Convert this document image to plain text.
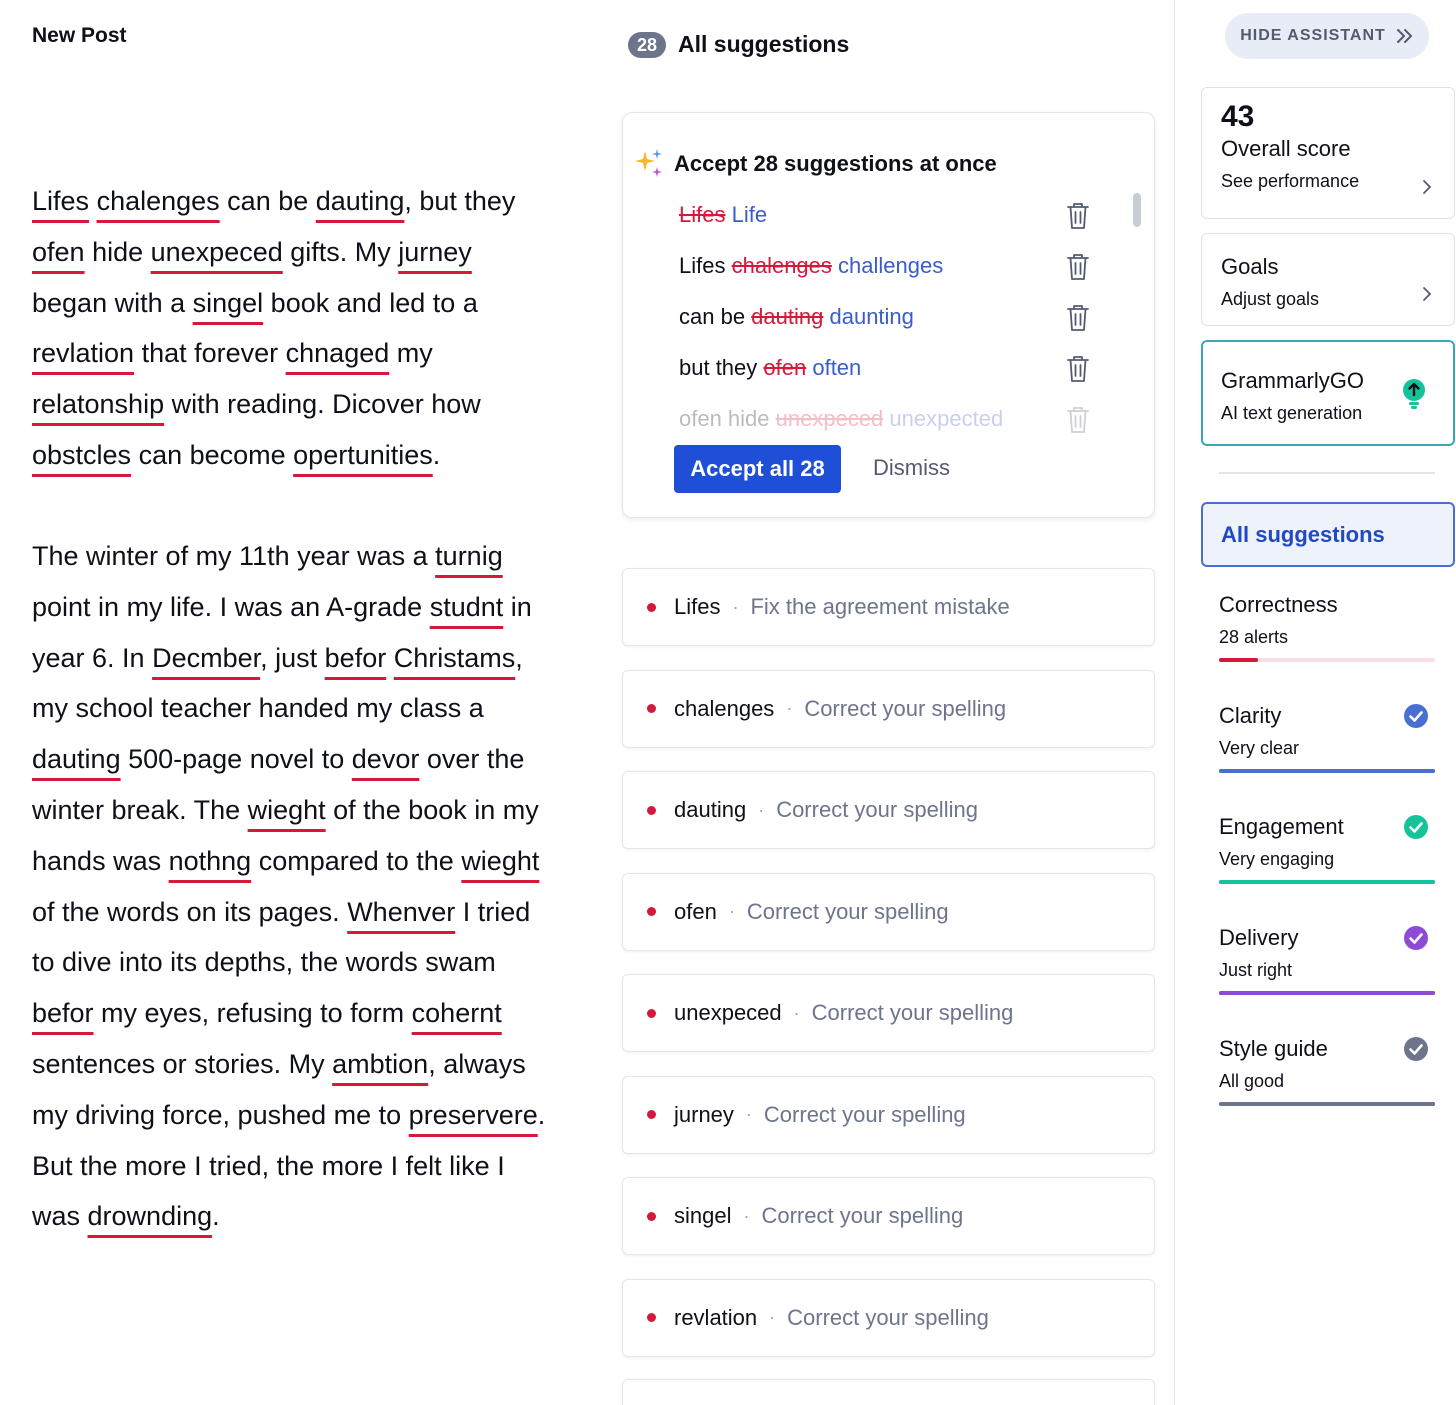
New Post
Lifes chalenges can be dauting, but they ofen hide unexpeced gifts. My jurney began with a singel book and led to a revlation that forever chnaged my relatonship with reading. Dicover how obstcles can become opertunities.
The winter of my 11th year was a turnig point in my life. I was an A-grade studnt in year 6. In Decmber, just befor Christams, my school teacher handed my class a dauting 500-page novel to devor over the winter break. The wieght of the book in my hands was nothng compared to the wieght of the words on its pages. Whenver I tried to dive into its depths, the words swam befor my eyes, refusing to form cohernt sentences or stories. My ambtion, always my driving force, pushed me to preservere. But the more I tried, the more I felt like I was drownding.
28 All suggestions
Accept 28 suggestions at once
Lifes Life
Lifes chalenges challenges
can be dauting daunting
but they ofen often
ofen hide unexpeced unexpected
Accept all 28	Dismiss
Lifes · Fix the agreement mistake
chalenges · Correct your spelling
dauting · Correct your spelling
ofen · Correct your spelling
unexpeced · Correct your spelling
jurney · Correct your spelling
singel · Correct your spelling
revlation · Correct your spelling
HIDE ASSISTANT
43
Overall score
See performance
Goals
Adjust goals
GrammarlyGO
AI text generation
All suggestions
Correctness
28 alerts
Clarity
Very clear
Engagement
Very engaging
Delivery
Just right
Style guide
All good
